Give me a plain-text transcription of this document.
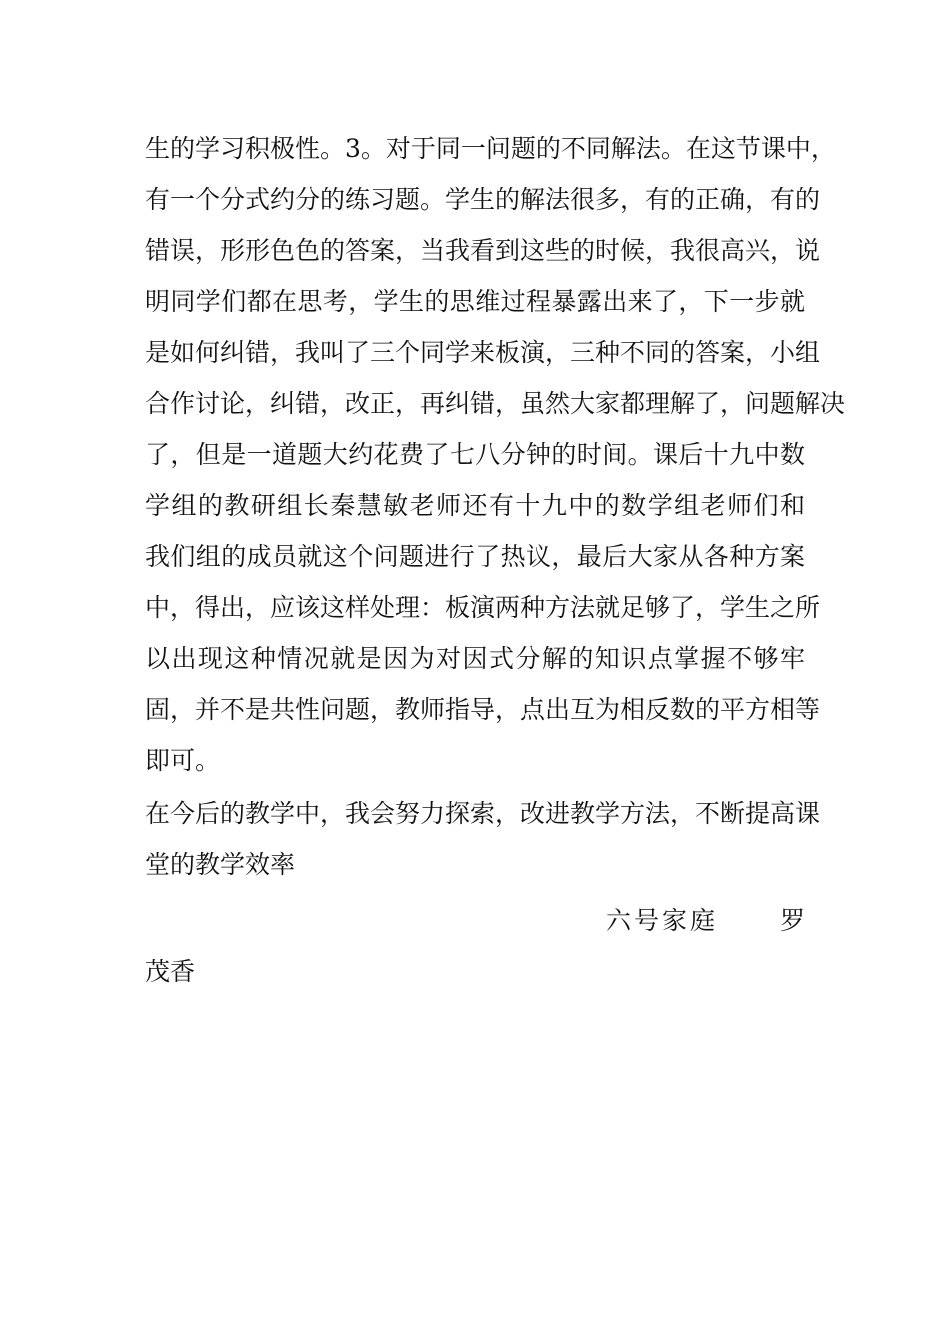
生的学习积极性。3。对于同一问题的不同解法。在这节课中，
有一个分式约分的练习题。学生的解法很多，有的正确，有的
错误，形形色色的答案，当我看到这些的时候，我很高兴，说
明同学们都在思考，学生的思维过程暴露出来了，下一步就
是如何纠错，我叫了三个同学来板演，三种不同的答案，小组
合作讨论，纠错，改正，再纠错，虽然大家都理解了，问题解决
了，但是一道题大约花费了七八分钟的时间。课后十九中数
学组的教研组长秦慧敏老师还有十九中的数学组老师们和
我们组的成员就这个问题进行了热议，最后大家从各种方案
中，得出，应该这样处理：板演两种方法就足够了，学生之所
以出现这种情况就是因为对因式分解的知识点掌握不够牢
固，并不是共性问题，教师指导，点出互为相反数的平方相等
即可。
在今后的教学中，我会努力探索，改进教学方法，不断提高课
堂的教学效率
六号家庭 罗
茂香
